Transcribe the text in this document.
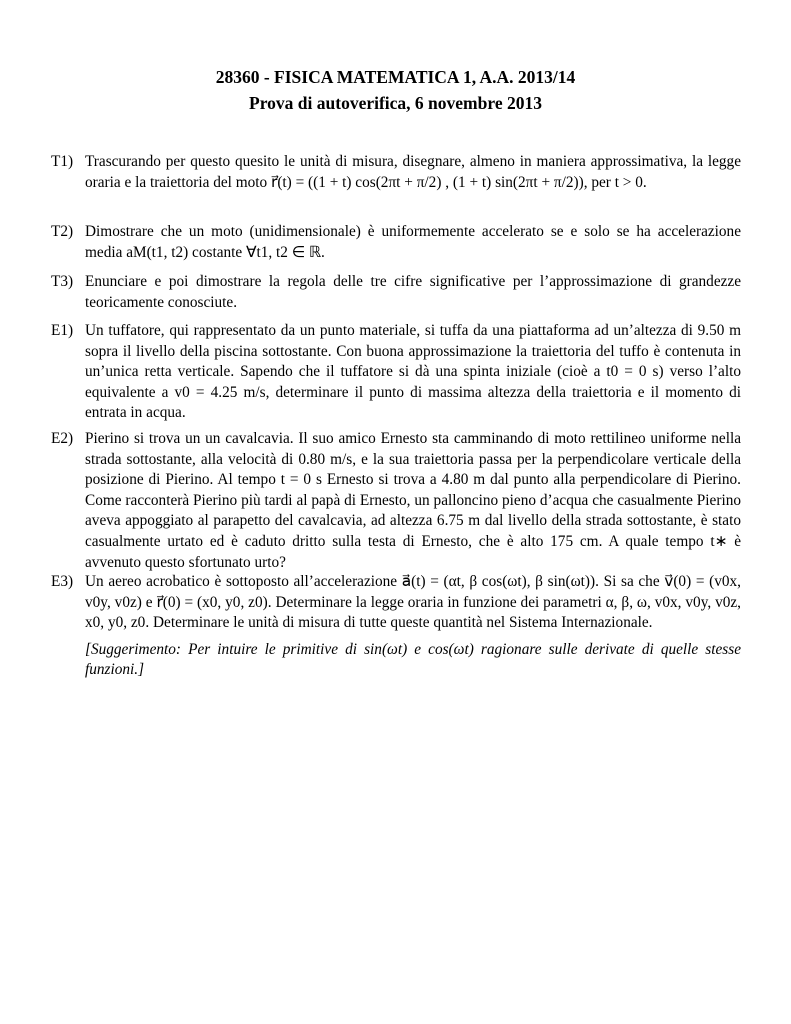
28360 - FISICA MATEMATICA 1, A.A. 2013/14
Prova di autoverifica, 6 novembre 2013
T1) Trascurando per questo quesito le unità di misura, disegnare, almeno in maniera approssimativa, la legge oraria e la traiettoria del moto r⃗(t) = ((1 + t) cos(2πt + π/2) , (1 + t) sin(2πt + π/2)), per t > 0.
T2) Dimostrare che un moto (unidimensionale) è uniformemente accelerato se e solo se ha accelerazione media aM(t1, t2) costante ∀t1, t2 ∈ ℝ.
T3) Enunciare e poi dimostrare la regola delle tre cifre significative per l’approssimazione di grandezze teoricamente conosciute.
E1) Un tuffatore, qui rappresentato da un punto materiale, si tuffa da una piattaforma ad un’altezza di 9.50 m sopra il livello della piscina sottostante. Con buona approssimazione la traiettoria del tuffo è contenuta in un’unica retta verticale. Sapendo che il tuffatore si dà una spinta iniziale (cioè a t0 = 0 s) verso l’alto equivalente a v0 = 4.25 m/s, determinare il punto di massima altezza della traiettoria e il momento di entrata in acqua.
E2) Pierino si trova un un cavalcavia. Il suo amico Ernesto sta camminando di moto rettilineo uniforme nella strada sottostante, alla velocità di 0.80 m/s, e la sua traiettoria passa per la perpendicolare verticale della posizione di Pierino. Al tempo t = 0 s Ernesto si trova a 4.80 m dal punto alla perpendicolare di Pierino. Come racconterà Pierino più tardi al papà di Ernesto, un palloncino pieno d’acqua che casualmente Pierino aveva appoggiato al parapetto del cavalcavia, ad altezza 6.75 m dal livello della strada sottostante, è stato casualmente urtato ed è caduto dritto sulla testa di Ernesto, che è alto 175 cm. A quale tempo t∗ è avvenuto questo sfortunato urto?
E3) Un aereo acrobatico è sottoposto all’accelerazione a⃗(t) = (αt, β cos(ωt), β sin(ωt)). Si sa che v⃗(0) = (v0x, v0y, v0z) e r⃗(0) = (x0, y0, z0). Determinare la legge oraria in funzione dei parametri α, β, ω, v0x, v0y, v0z, x0, y0, z0. Determinare le unità di misura di tutte queste quantità nel Sistema Internazionale.
[Suggerimento: Per intuire le primitive di sin(ωt) e cos(ωt) ragionare sulle derivate di quelle stesse funzioni.]
